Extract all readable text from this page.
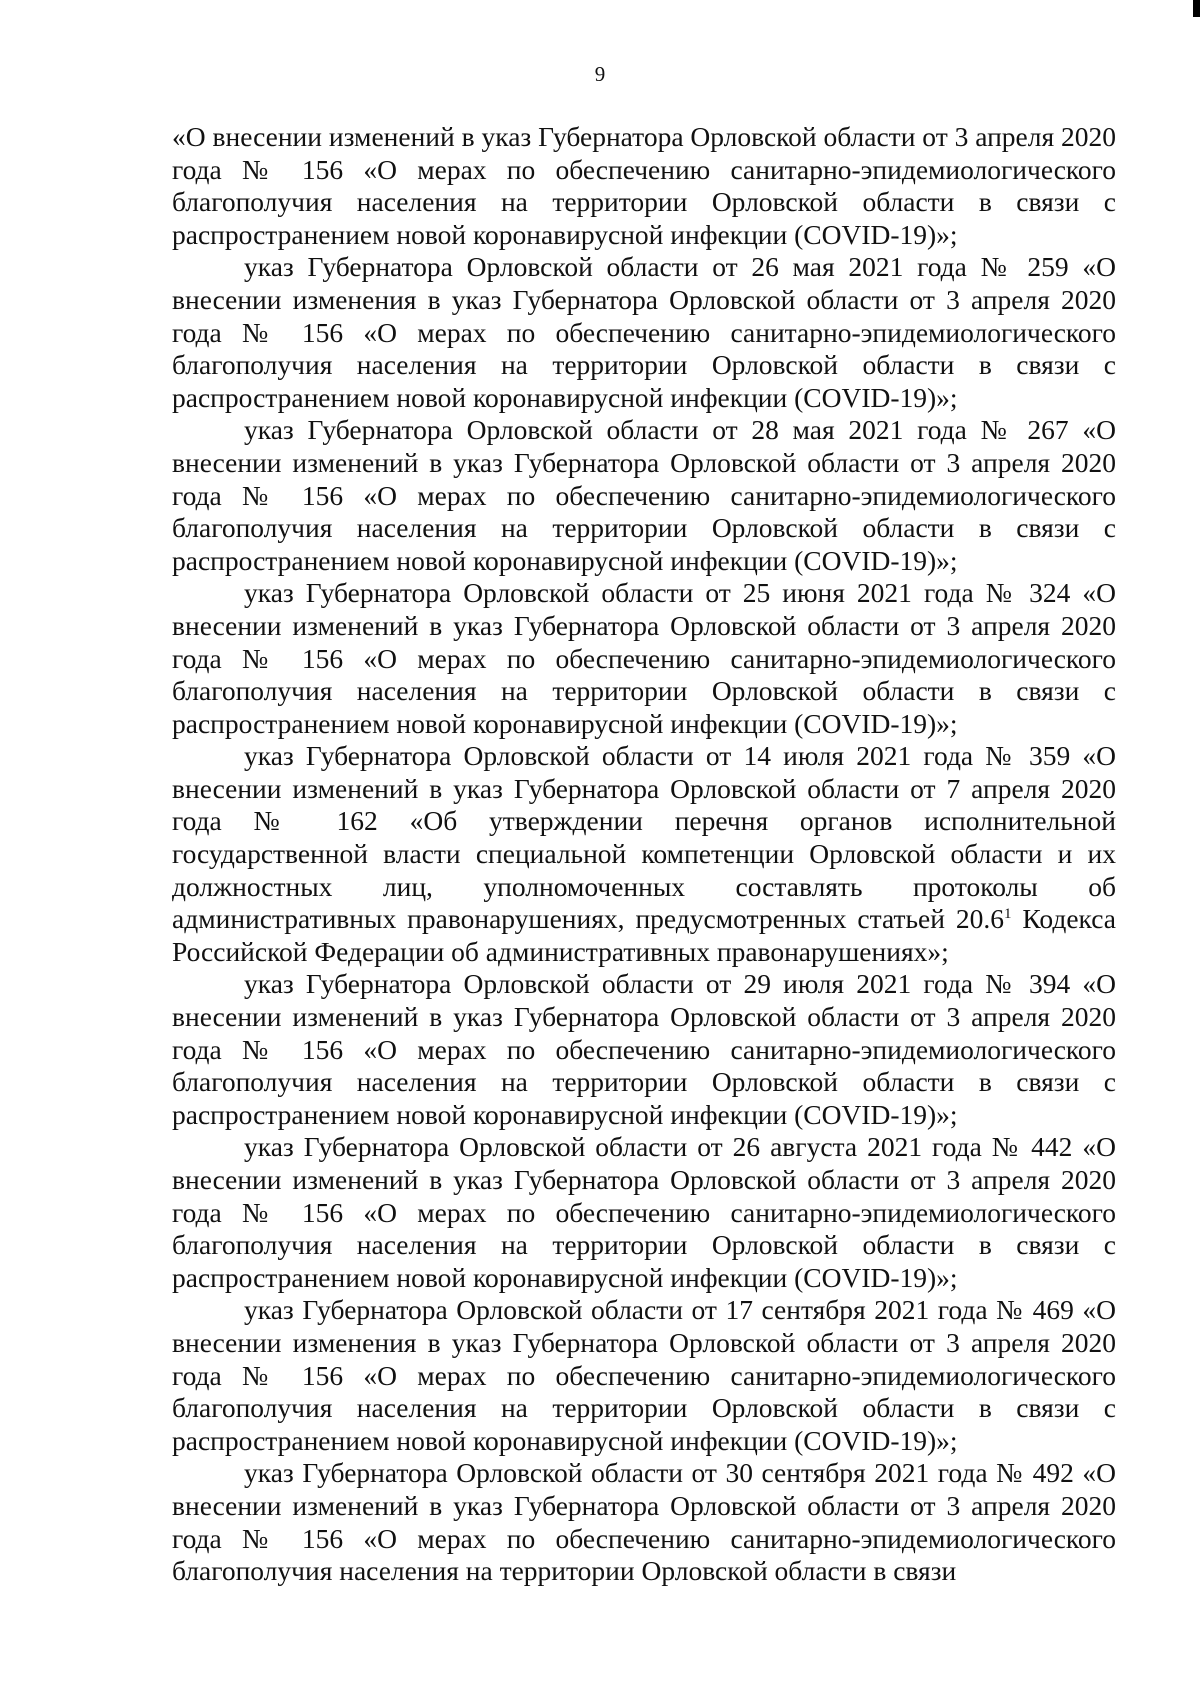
9

«О внесении изменений в указ Губернатора Орловской области от 3 апреля 2020 года № 156 «О мерах по обеспечению санитарно-эпидемиологического благополучия населения на территории Орловской области в связи с распространением новой коронавирусной инфекции (COVID-19)»;

указ Губернатора Орловской области от 26 мая 2021 года № 259 «О внесении изменения в указ Губернатора Орловской области от 3 апреля 2020 года № 156 «О мерах по обеспечению санитарно-эпидемиологического благополучия населения на территории Орловской области в связи с распространением новой коронавирусной инфекции (COVID-19)»;

указ Губернатора Орловской области от 28 мая 2021 года № 267 «О внесении изменений в указ Губернатора Орловской области от 3 апреля 2020 года № 156 «О мерах по обеспечению санитарно-эпидемиологического благополучия населения на территории Орловской области в связи с распространением новой коронавирусной инфекции (COVID-19)»;

указ Губернатора Орловской области от 25 июня 2021 года № 324 «О внесении изменений в указ Губернатора Орловской области от 3 апреля 2020 года № 156 «О мерах по обеспечению санитарно-эпидемиологического благополучия населения на территории Орловской области в связи с распространением новой коронавирусной инфекции (COVID-19)»;

указ Губернатора Орловской области от 14 июля 2021 года № 359 «О внесении изменений в указ Губернатора Орловской области от 7 апреля 2020 года № 162 «Об утверждении перечня органов исполнительной государственной власти специальной компетенции Орловской области и их должностных лиц, уполномоченных составлять протоколы об административных правонарушениях, предусмотренных статьей 20.6$^1$ Кодекса Российской Федерации об административных правонарушениях»;

указ Губернатора Орловской области от 29 июля 2021 года № 394 «О внесении изменений в указ Губернатора Орловской области от 3 апреля 2020 года № 156 «О мерах по обеспечению санитарно-эпидемиологического благополучия населения на территории Орловской области в связи с распространением новой коронавирусной инфекции (COVID-19)»;

указ Губернатора Орловской области от 26 августа 2021 года № 442 «О внесении изменений в указ Губернатора Орловской области от 3 апреля 2020 года № 156 «О мерах по обеспечению санитарно-эпидемиологического благополучия населения на территории Орловской области в связи с распространением новой коронавирусной инфекции (COVID-19)»;

указ Губернатора Орловской области от 17 сентября 2021 года № 469 «О внесении изменения в указ Губернатора Орловской области от 3 апреля 2020 года № 156 «О мерах по обеспечению санитарно-эпидемиологического благополучия населения на территории Орловской области в связи с распространением новой коронавирусной инфекции (COVID-19)»;

указ Губернатора Орловской области от 30 сентября 2021 года № 492 «О внесении изменений в указ Губернатора Орловской области от 3 апреля 2020 года № 156 «О мерах по обеспечению санитарно-эпидемиологического благополучия населения на территории Орловской области в связи
